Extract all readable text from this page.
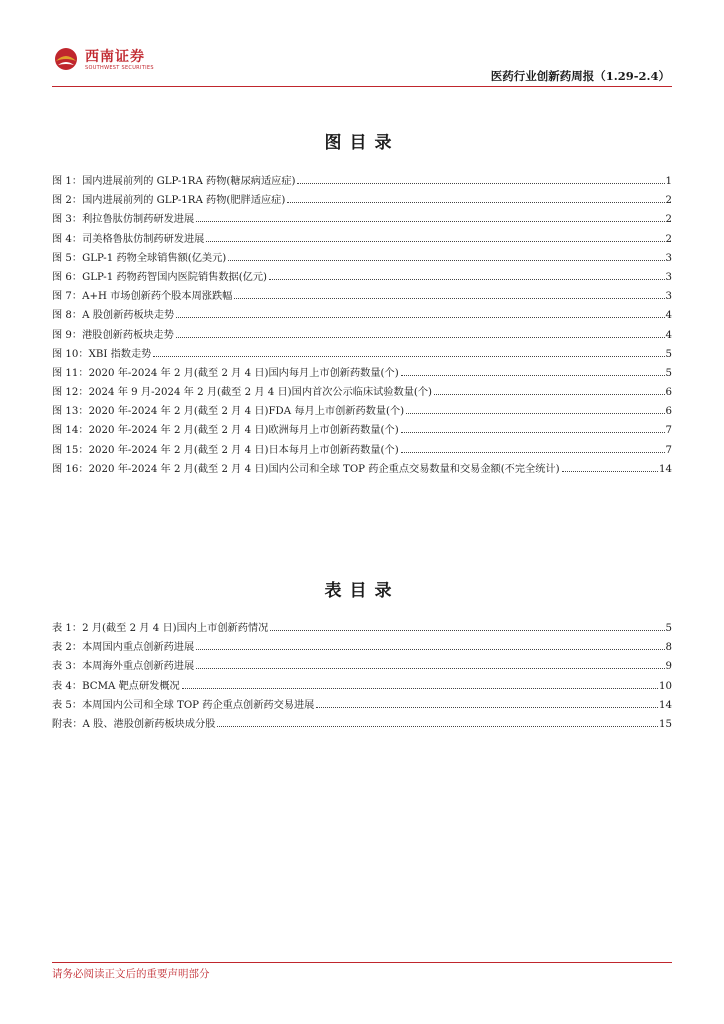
西南证券
SOUTHWEST SECURITIES
医药行业创新药周报（1.29-2.4）
图目录
图 1：国内进展前列的 GLP-1RA 药物(糖尿病适应症)	1
图 2：国内进展前列的 GLP-1RA 药物(肥胖适应症)	2
图 3：利拉鲁肽仿制药研发进展	2
图 4：司美格鲁肽仿制药研发进展	2
图 5：GLP-1 药物全球销售额(亿美元)	3
图 6：GLP-1 药物药智国内医院销售数据(亿元)	3
图 7：A+H 市场创新药个股本周涨跌幅	3
图 8：A 股创新药板块走势	4
图 9：港股创新药板块走势	4
图 10：XBI 指数走势	5
图 11：2020 年-2024 年 2 月(截至 2 月 4 日)国内每月上市创新药数量(个)	5
图 12：2024 年 9 月-2024 年 2 月(截至 2 月 4 日)国内首次公示临床试验数量(个)	6
图 13：2020 年-2024 年 2 月(截至 2 月 4 日)FDA 每月上市创新药数量(个)	6
图 14：2020 年-2024 年 2 月(截至 2 月 4 日)欧洲每月上市创新药数量(个)	7
图 15：2020 年-2024 年 2 月(截至 2 月 4 日)日本每月上市创新药数量(个)	7
图 16：2020 年-2024 年 2 月(截至 2 月 4 日)国内公司和全球 TOP 药企重点交易数量和交易金额(不完全统计)	14
表目录
表 1：2 月(截至 2 月 4 日)国内上市创新药情况	5
表 2：本周国内重点创新药进展	8
表 3：本周海外重点创新药进展	9
表 4：BCMA 靶点研发概况	10
表 5：本周国内公司和全球 TOP 药企重点创新药交易进展	14
附表：A 股、港股创新药板块成分股	15
请务必阅读正文后的重要声明部分
